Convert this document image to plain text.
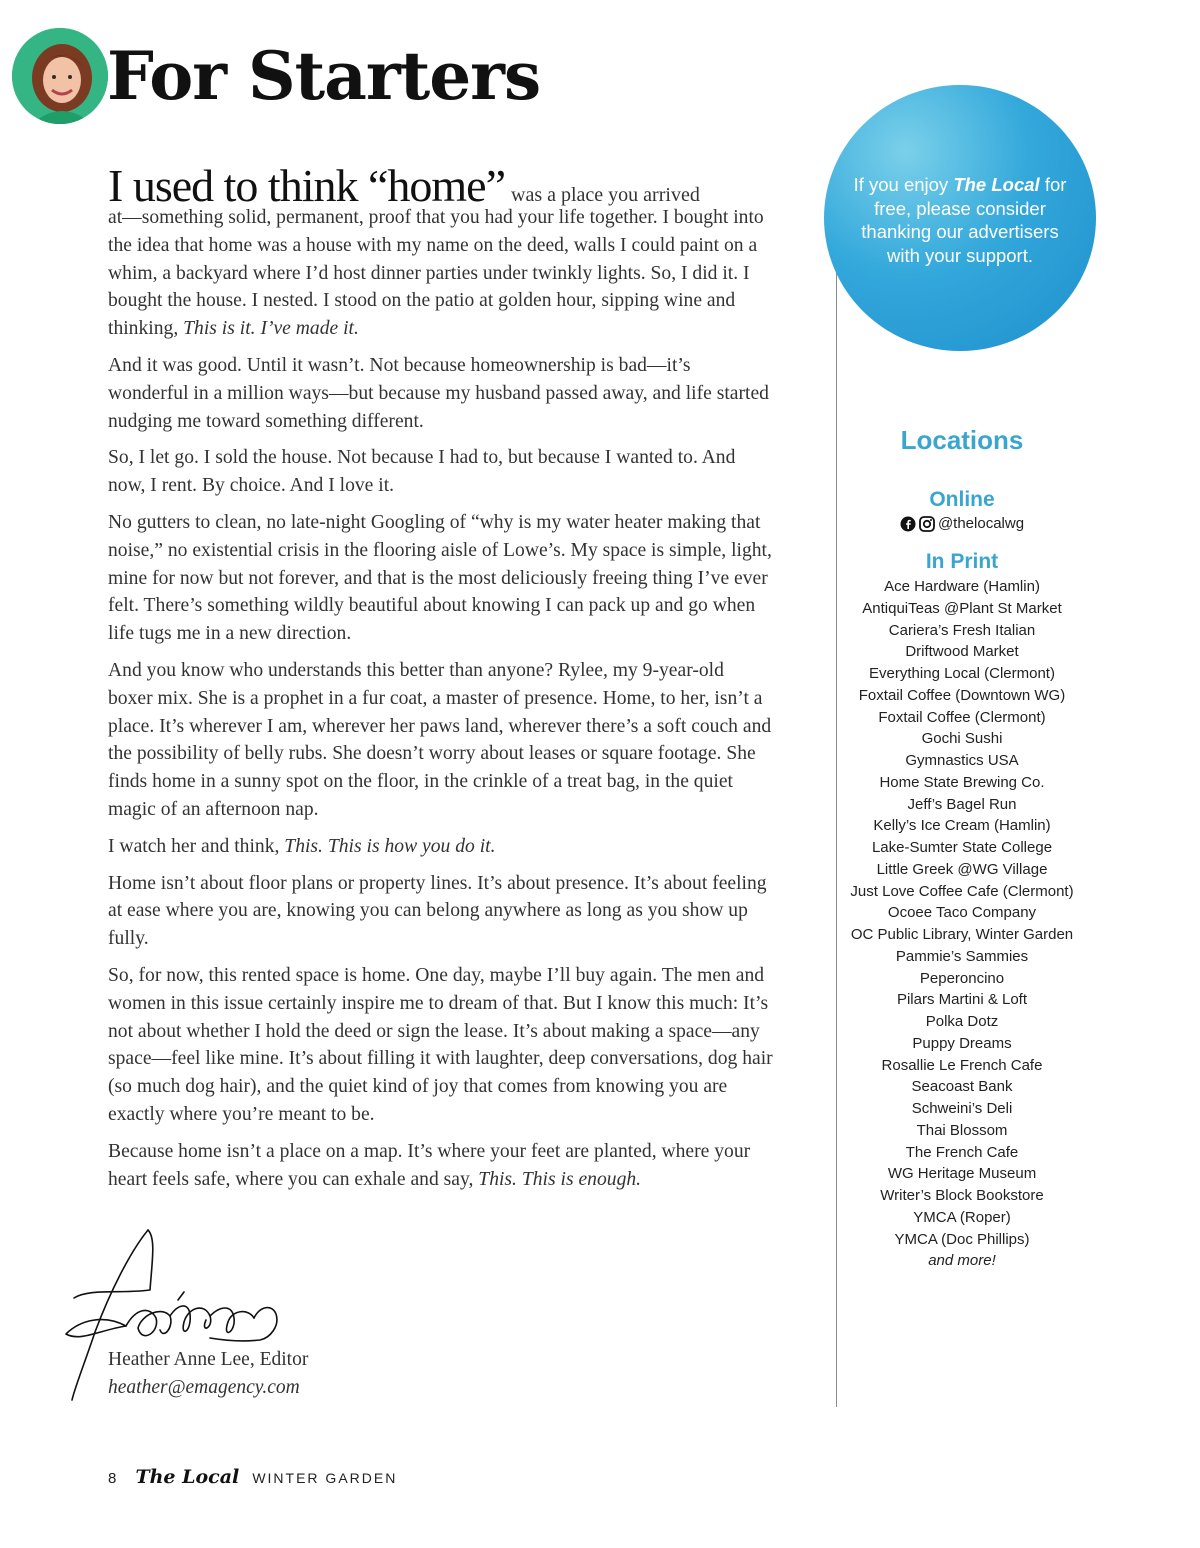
For Starters
I used to think “home” was a place you arrived

at—something solid, permanent, proof that you had your life together. I bought into the idea that home was a house with my name on the deed, walls I could paint on a whim, a backyard where I’d host dinner parties under twinkly lights. So, I did it. I bought the house. I nested. I stood on the patio at golden hour, sipping wine and thinking, This is it. I’ve made it.

And it was good. Until it wasn’t. Not because homeownership is bad—it’s wonderful in a million ways—but because my husband passed away, and life started nudging me toward something different.

So, I let go. I sold the house. Not because I had to, but because I wanted to. And now, I rent. By choice. And I love it.

No gutters to clean, no late-night Googling of “why is my water heater making that noise,” no existential crisis in the flooring aisle of Lowe’s. My space is simple, light, mine for now but not forever, and that is the most deliciously freeing thing I’ve ever felt. There’s something wildly beautiful about knowing I can pack up and go when life tugs me in a new direction.

And you know who understands this better than anyone? Rylee, my 9-year-old boxer mix. She is a prophet in a fur coat, a master of presence. Home, to her, isn’t a place. It’s wherever I am, wherever her paws land, wherever there’s a soft couch and the possibility of belly rubs. She doesn’t worry about leases or square footage. She finds home in a sunny spot on the floor, in the crinkle of a treat bag, in the quiet magic of an afternoon nap.

I watch her and think, This. This is how you do it.

Home isn’t about floor plans or property lines. It’s about presence. It’s about feeling at ease where you are, knowing you can belong anywhere as long as you show up fully.

So, for now, this rented space is home. One day, maybe I’ll buy again. The men and women in this issue certainly inspire me to dream of that. But I know this much: It’s not about whether I hold the deed or sign the lease. It’s about making a space—any space—feel like mine. It’s about filling it with laughter, deep conversations, dog hair (so much dog hair), and the quiet kind of joy that comes from knowing you are exactly where you’re meant to be.

Because home isn’t a place on a map. It’s where your feet are planted, where your heart feels safe, where you can exhale and say, This. This is enough.

Heather Anne Lee, Editor
heather@emagency.com
8 The Local WINTER GARDEN
If you enjoy The Local for free, please consider thanking our advertisers with your support.
Locations
Online
@thelocalwg
In Print
Ace Hardware (Hamlin)
AntiquiTeas @Plant St Market
Cariera’s Fresh Italian
Driftwood Market
Everything Local (Clermont)
Foxtail Coffee (Downtown WG)
Foxtail Coffee (Clermont)
Gochi Sushi
Gymnastics USA
Home State Brewing Co.
Jeff’s Bagel Run
Kelly’s Ice Cream (Hamlin)
Lake-Sumter State College
Little Greek @WG Village
Just Love Coffee Cafe (Clermont)
Ocoee Taco Company
OC Public Library, Winter Garden
Pammie’s Sammies
Peperoncino
Pilars Martini & Loft
Polka Dotz
Puppy Dreams
Rosallie Le French Cafe
Seacoast Bank
Schweini’s Deli
Thai Blossom
The French Cafe
WG Heritage Museum
Writer’s Block Bookstore
YMCA (Roper)
YMCA (Doc Phillips)
and more!
